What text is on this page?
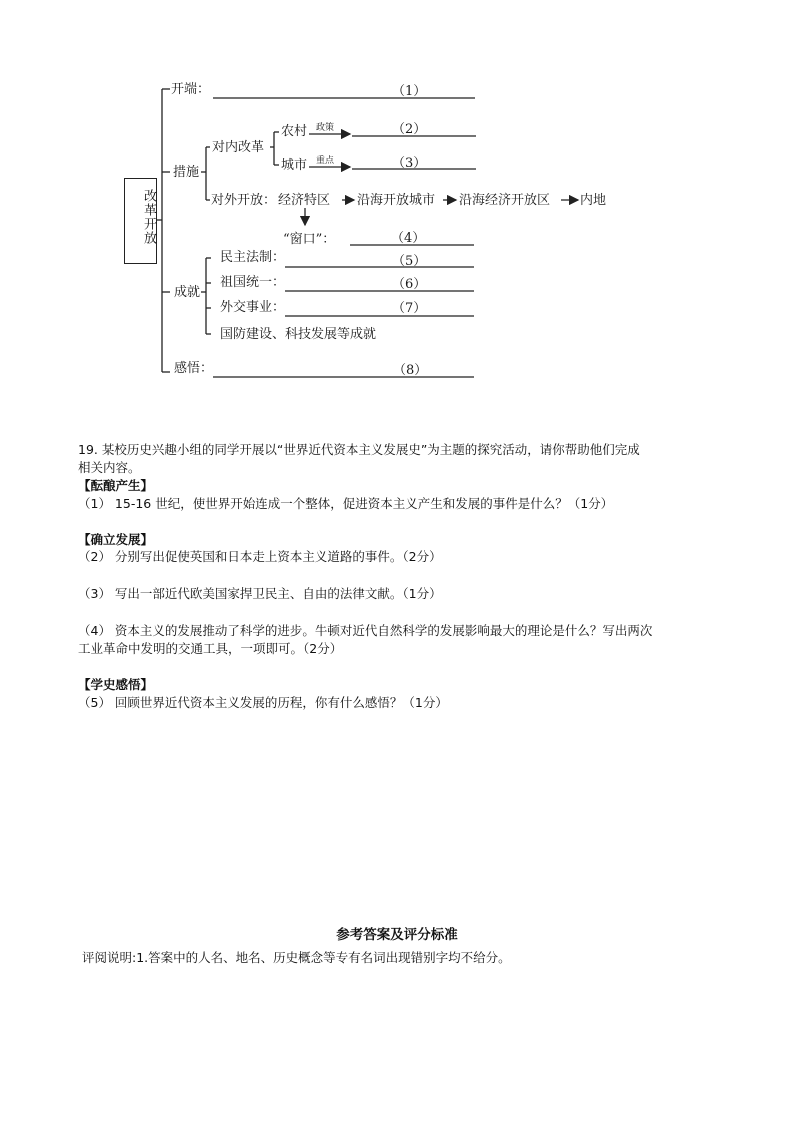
改革开放
开端：	（1）
措施
对内改革
农村 政策	（2）
城市 重点	（3）
对外开放： 经济特区 沿海开放城市 沿海经济开放区 内地
“窗口”：	（4）
成就
民主法制：	（5）
祖国统一：	（6）
外交事业：	（7）
国防建设、科技发展等成就
感悟：	（8）
19. 某校历史兴趣小组的同学开展以“世界近代资本主义发展史”为主题的探究活动，请你帮助他们完成
相关内容。
【酝酿产生】
（1） 15-16 世纪，使世界开始连成一个整体，促进资本主义产生和发展的事件是什么？（1分）
【确立发展】
（2） 分别写出促使英国和日本走上资本主义道路的事件。（2分）
（3） 写出一部近代欧美国家捍卫民主、自由的法律文献。（1分）
（4） 资本主义的发展推动了科学的进步。牛顿对近代自然科学的发展影响最大的理论是什么？写出两次
工业革命中发明的交通工具，一项即可。（2分）
【学史感悟】
（5） 回顾世界近代资本主义发展的历程，你有什么感悟？（1分）
参考答案及评分标准
评阅说明:1.答案中的人名、地名、历史概念等专有名词出现错别字均不给分。
